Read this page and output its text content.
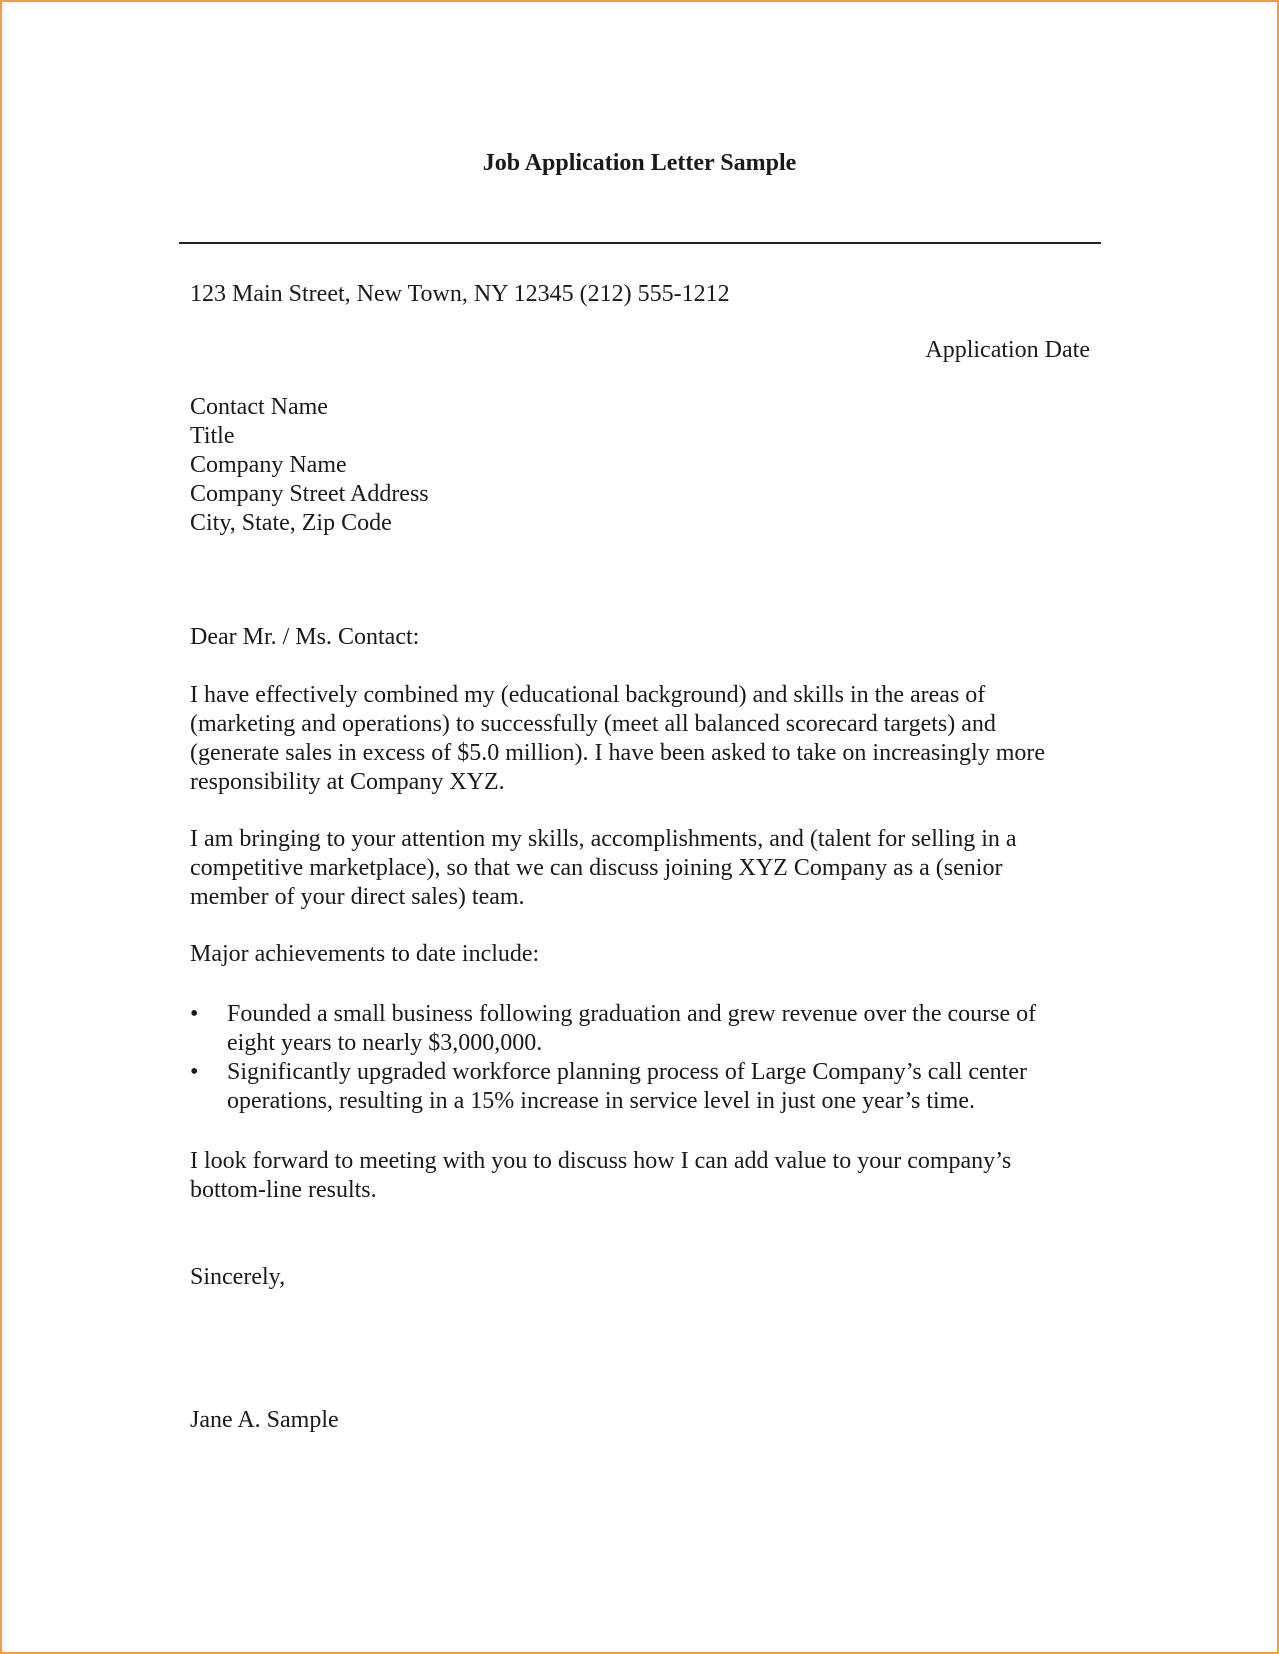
Job Application Letter Sample
123 Main Street, New Town, NY 12345 (212) 555-1212
Application Date

Contact Name

Title

Company Name

Company Street Address

City, State, Zip Code

Dear Mr. / Ms. Contact:

I have effectively combined my (educational background) and skills in the areas of

(marketing and operations) to successfully (meet all balanced scorecard targets) and

(generate sales in excess of $5.0 million). I have been asked to take on increasingly more

responsibility at Company XYZ.

I am bringing to your attention my skills, accomplishments, and (talent for selling in a

competitive marketplace), so that we can discuss joining XYZ Company as a (senior

member of your direct sales) team.

Major achievements to date include:
• Founded a small business following graduation and grew revenue over the course of

eight years to nearly $3,000,000.

• Significantly upgraded workforce planning process of Large Company’s call center

operations, resulting in a 15% increase in service level in just one year’s time.

I look forward to meeting with you to discuss how I can add value to your company’s

bottom-line results.

Sincerely,
Jane A. Sample
